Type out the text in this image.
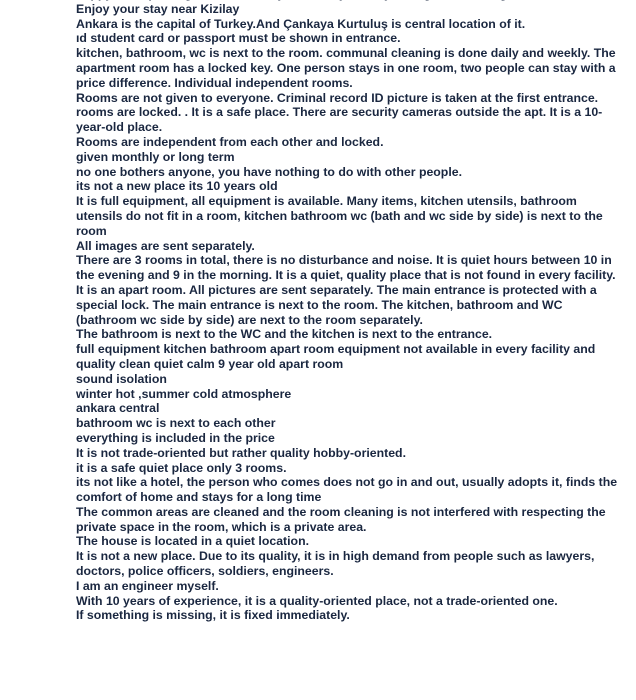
Enjoy your stay near Kizilay

Ankara is the capital of Turkey.And Çankaya Kurtuluş is central location of it.

ıd student card or passport must be shown in entrance.

kitchen, bathroom, wc is next to the room. communal cleaning is done daily and weekly. The apartment room has a locked key. One person stays in one room, two people can stay with a price difference. Individual independent rooms.

Rooms are not given to everyone. Criminal record ID picture is taken at the first entrance.

rooms are locked. . It is a safe place. There are security cameras outside the apt. It is a 10-year-old place.

Rooms are independent from each other and locked.

given monthly or long term

no one bothers anyone, you have nothing to do with other people.

its not a new place its 10 years old

It is full equipment, all equipment is available. Many items, kitchen utensils, bathroom utensils do not fit in a room, kitchen bathroom wc (bath and wc side by side) is next to the room

All images are sent separately.

There are 3 rooms in total, there is no disturbance and noise. It is quiet hours between 10 in the evening and 9 in the morning. It is a quiet, quality place that is not found in every facility.

It is an apart room. All pictures are sent separately. The main entrance is protected with a special lock. The main entrance is next to the room. The kitchen, bathroom and WC (bathroom wc side by side) are next to the room separately.

The bathroom is next to the WC and the kitchen is next to the entrance.

full equipment kitchen bathroom apart room equipment not available in every facility and quality clean quiet calm 9 year old apart room

sound isolation

winter hot ,summer cold atmosphere

ankara central

bathroom wc is next to each other

everything is included in the price

It is not trade-oriented but rather quality hobby-oriented.

it is a safe quiet place only 3 rooms.

its not like a hotel, the person who comes does not go in and out, usually adopts it, finds the comfort of home and stays for a long time

The common areas are cleaned and the room cleaning is not interfered with respecting the private space in the room, which is a private area.

The house is located in a quiet location.

It is not a new place. Due to its quality, it is in high demand from people such as lawyers, doctors, police officers, soldiers, engineers.

I am an engineer myself.

With 10 years of experience, it is a quality-oriented place, not a trade-oriented one.

If something is missing, it is fixed immediately.
